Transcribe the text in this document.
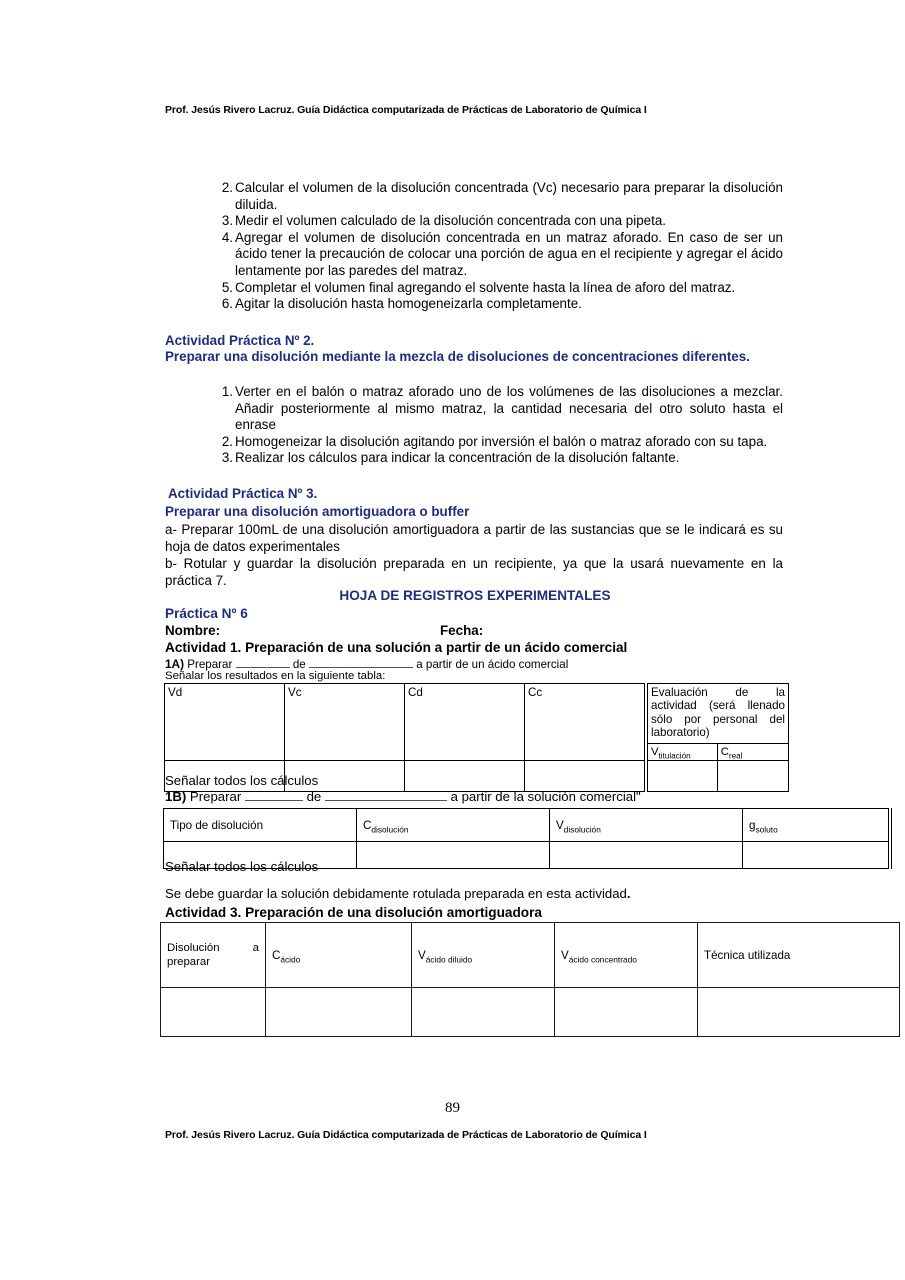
Prof. Jesús Rivero Lacruz. Guía Didáctica computarizada de Prácticas de Laboratorio de Química I
2. Calcular el volumen de la disolución concentrada (Vc) necesario para preparar la disolución diluida.
3. Medir el volumen calculado de la disolución concentrada con una pipeta.
4. Agregar el volumen de disolución concentrada en un matraz aforado. En caso de ser un ácido tener la precaución de colocar una porción de agua en el recipiente y agregar el ácido lentamente por las paredes del matraz.
5. Completar el volumen final agregando el solvente hasta la línea de aforo del matraz.
6. Agitar la disolución hasta homogeneizarla completamente.
Actividad Práctica Nº 2.
Preparar una disolución mediante la mezcla de disoluciones de concentraciones diferentes.
1. Verter en el balón o matraz aforado uno de los volúmenes de las disoluciones a mezclar. Añadir posteriormente al mismo matraz, la cantidad necesaria del otro soluto hasta el enrase
2. Homogeneizar la disolución agitando por inversión el balón o matraz aforado con su tapa.
3. Realizar los cálculos para indicar la concentración de la disolución faltante.
Actividad Práctica Nº 3.
Preparar una disolución amortiguadora o buffer
a- Preparar 100mL de una disolución amortiguadora a partir de las sustancias que se le indicará es su hoja de datos experimentales
b- Rotular y guardar la disolución preparada en un recipiente, ya que la usará nuevamente en la práctica 7.
HOJA DE REGISTROS EXPERIMENTALES
Práctica Nº 6
Nombre:	Fecha:
Actividad 1. Preparación de una solución a partir de un ácido comercial
1A) Preparar	de	a partir de un ácido comercial
Señalar los resultados en la siguiente tabla:
Vd	Vc	Cd	Cc	Evaluación de la actividad (será llenado sólo por personal del laboratorio)	
				$V_{titulación}$	$C_{real}$

Señalar todos los cálculos
1B) Preparar	de	a partir de la solución comercial"
Tipo de disolución	$C_{disolución}$	$V_{disolución}$	$g_{soluto}$

Señalar todos los cálculos
Se debe guardar la solución debidamente rotulada preparada en esta actividad.
Actividad 3. Preparación de una disolución amortiguadora
Disolución a preparar	$C_{ácido}$	$V_{ácido diluido}$	$V_{ácido concentrado}$	Técnica utilizada

89
Prof. Jesús Rivero Lacruz. Guía Didáctica computarizada de Prácticas de Laboratorio de Química I
